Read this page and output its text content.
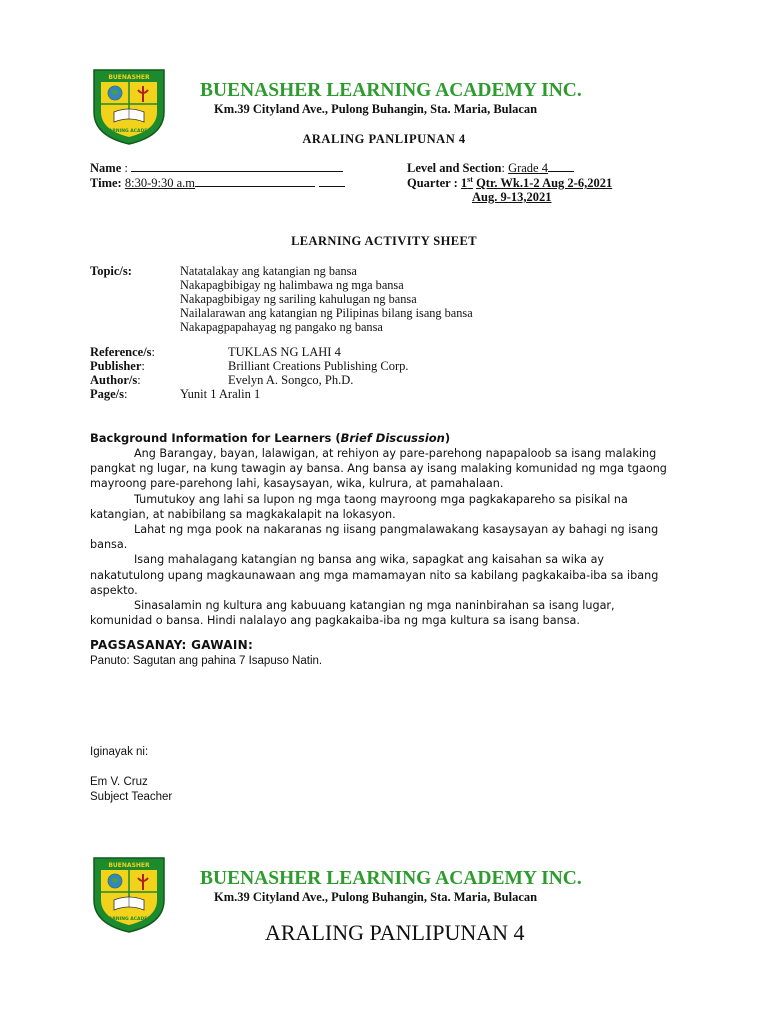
BUENASHER
LEARNING ACADEMY
BUENASHER LEARNING ACADEMY INC.
Km.39 Cityland Ave., Pulong Buhangin, Sta. Maria, Bulacan
ARALING PANLIPUNAN 4
Name :
Time: 8:30-9:30 a.m
Level and Section: Grade 4
Quarter : 1st Qtr. Wk.1-2 Aug 2-6,2021
Aug. 9-13,2021
LEARNING ACTIVITY SHEET
Topic/s:	Natatalakay ang katangian ng bansa
Nakapagbibigay ng halimbawa ng mga bansa
Nakapagbibigay ng sariling kahulugan ng bansa
Nailalarawan ang katangian ng Pilipinas bilang isang bansa
Nakapagpapahayag ng pangako ng bansa
Reference/s:
Publisher:
Author/s:
Page/s:
TUKLAS NG LAHI 4
Brilliant Creations Publishing Corp.
Evelyn A. Songco, Ph.D.
Yunit 1 Aralin 1
Background Information for Learners (Brief Discussion)
Ang Barangay, bayan, lalawigan, at rehiyon ay pare-parehong napapaloob sa isang malaking pangkat ng lugar, na kung tawagin ay bansa. Ang bansa ay isang malaking komunidad ng mga tgaong mayroong pare-parehong lahi, kasaysayan, wika, kulrura, at pamahalaan.
Tumutukoy ang lahi sa lupon ng mga taong mayroong mga pagkakapareho sa pisikal na katangian, at nabibilang sa magkakalapit na lokasyon.
Lahat ng mga pook na nakaranas ng iisang pangmalawakang kasaysayan ay bahagi ng isang bansa.
Isang mahalagang katangian ng bansa ang wika, sapagkat ang kaisahan sa wika ay nakatutulong upang magkaunawaan ang mga mamamayan nito sa kabilang pagkakaiba-iba sa ibang aspekto.
Sinasalamin ng kultura ang kabuuang katangian ng mga naninbirahan sa isang lugar, komunidad o bansa. Hindi nalalayo ang pagkakaiba-iba ng mga kultura sa isang bansa.
PAGSASANAY: GAWAIN:
Panuto: Sagutan ang pahina 7 Isapuso Natin.
Iginayak ni:
Em V. Cruz
Subject Teacher
BUENASHER
LEARNING ACADEMY
BUENASHER LEARNING ACADEMY INC.
Km.39 Cityland Ave., Pulong Buhangin, Sta. Maria, Bulacan
ARALING PANLIPUNAN 4
